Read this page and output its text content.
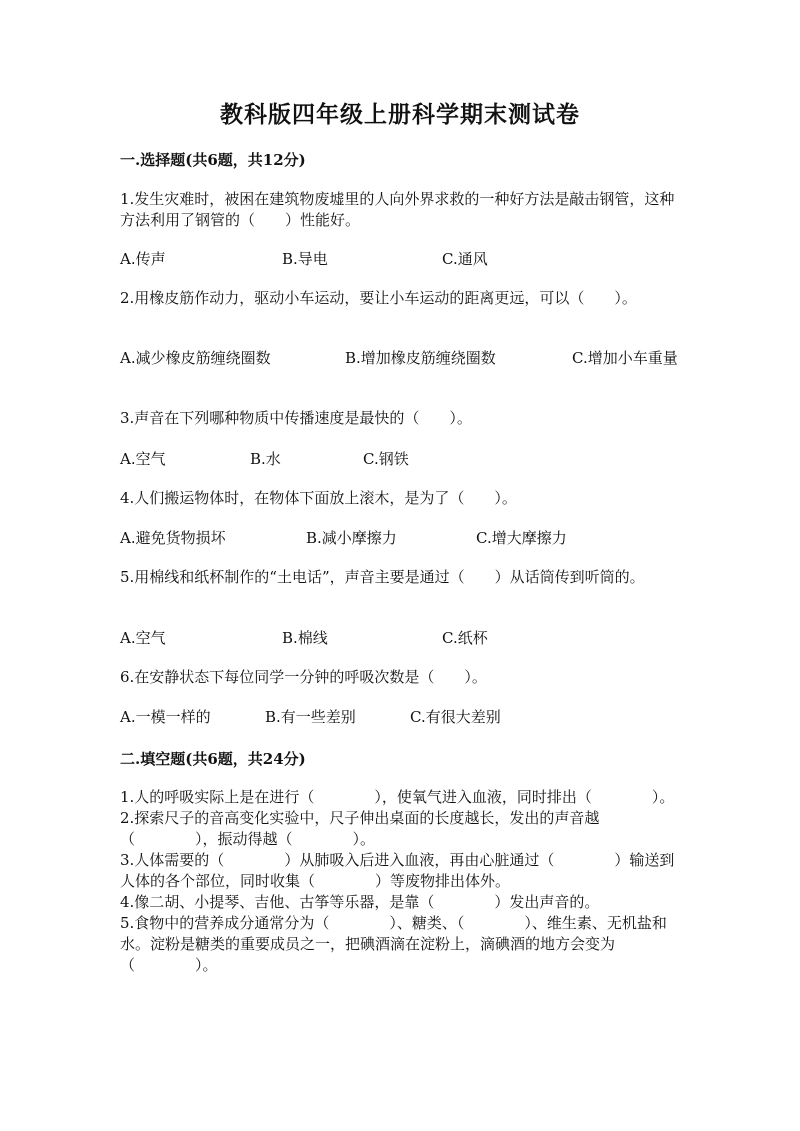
教科版四年级上册科学期末测试卷
一.选择题(共6题，共12分)
1.发生灾难时，被困在建筑物废墟里的人向外界求救的一种好方法是敲击钢管，这种方法利用了钢管的（　　）性能好。
A.传声	B.导电	C.通风
2.用橡皮筋作动力，驱动小车运动，要让小车运动的距离更远，可以（　　）。
A.减少橡皮筋缠绕圈数	B.增加橡皮筋缠绕圈数	C.增加小车重量
3.声音在下列哪种物质中传播速度是最快的（　　）。
A.空气	B.水	C.钢铁
4.人们搬运物体时，在物体下面放上滚木，是为了（　　）。
A.避免货物损坏	B.减小摩擦力	C.增大摩擦力
5.用棉线和纸杯制作的“土电话”，声音主要是通过（　　）从话筒传到听筒的。
A.空气	B.棉线	C.纸杯
6.在安静状态下每位同学一分钟的呼吸次数是（　　）。
A.一模一样的	B.有一些差别	C.有很大差别
二.填空题(共6题，共24分)

1.人的呼吸实际上是在进行（　　　　），使氧气进入血液，同时排出（　　　　）。

2.探索尺子的音高变化实验中，尺子伸出桌面的长度越长，发出的声音越（　　　　），振动得越（　　　　）。

3.人体需要的（　　　　）从肺吸入后进入血液，再由心脏通过（　　　　）输送到人体的各个部位，同时收集（　　　　）等废物排出体外。

4.像二胡、小提琴、吉他、古筝等乐器，是靠（　　　　）发出声音的。

5.食物中的营养成分通常分为（　　　　）、糖类、（　　　　）、维生素、无机盐和水。淀粉是糖类的重要成员之一，把碘酒滴在淀粉上，滴碘酒的地方会变为（　　　　）。
